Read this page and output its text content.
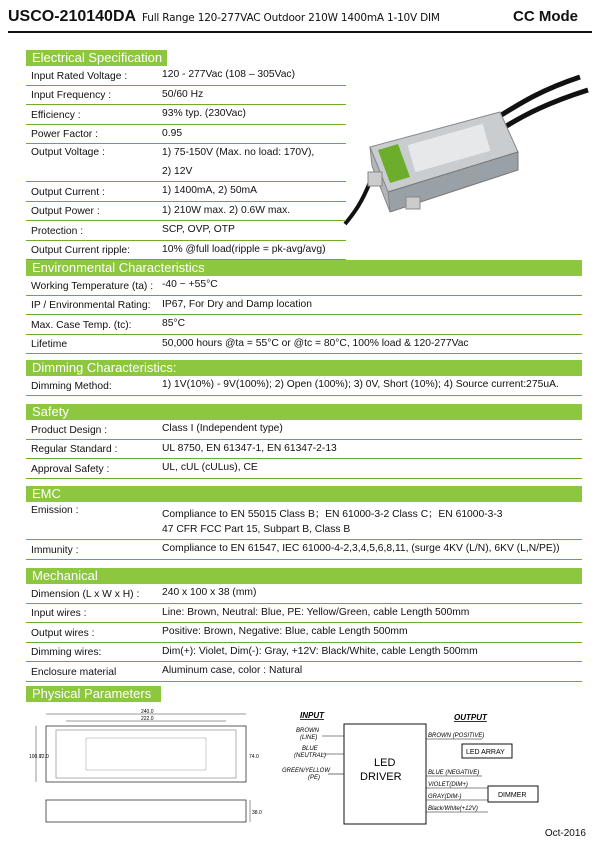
USCO-210140DA Full Range 120-277VAC Outdoor 210W 1400mA 1-10V DIM	CC Mode
Electrical Specification
Input Rated Voltage :	120 - 277Vac (108 – 305Vac)
Input Frequency :	50/60 Hz
Efficiency :	93% typ. (230Vac)
Power Factor :	0.95
Output Voltage :	1) 75-150V (Max. no load: 170V),
2) 12V
Output Current :	1) 1400mA, 2) 50mA
Output Power :	1) 210W max. 2) 0.6W max.
Protection :	SCP, OVP, OTP
Output Current ripple:	10% @full load(ripple = pk-avg/avg)
Environmental Characteristics
Working Temperature (ta) : -40 ~ +55°C
IP / Environmental Rating: IP67, For Dry and Damp location
Max. Case Temp. (tc):	85°C
Lifetime	50,000 hours @ta = 55°C or @tc = 80°C, 100% load & 120-277Vac
Dimming Characteristics:
Dimming Method:	1) 1V(10%) - 9V(100%); 2) Open (100%); 3) 0V, Short (10%); 4) Source current:275uA.
Safety
Product Design :	Class I (Independent type)
Regular Standard :	UL 8750, EN 61347-1, EN 61347-2-13
Approval Safety :	UL, cUL (cULus), CE
EMC
Emission :	Compliance to EN 55015 Class B；EN 61000-3-2 Class C；EN 61000-3-3
47 CFR FCC Part 15, Subpart B, Class B
Immunity :	Compliance to EN 61547, IEC 61000-4-2,3,4,5,6,8,11, (surge 4KV (L/N), 6KV (L,N/PE))
Mechanical
Dimension (L x W x H) : 240 x 100 x 38 (mm)
Input wires :	Line: Brown, Neutral: Blue, PE: Yellow/Green, cable Length 500mm
Output wires :	Positive: Brown, Negative: Blue, cable Length 500mm
Dimming wires:	Dim(+): Violet, Dim(-): Gray, +12V: Black/White, cable Length 500mm
Enclosure material	Aluminum case, color : Natural
Physical Parameters
240.0
222.0
100.0
72.0	74.0
38.0
INPUT	OUTPUT
LED
DRIVER
BROWN
(LINE)
BLUE
(NEUTRAL)
GREEN/YELLOW
(PE)
BROWN (POSITIVE)
LED ARRAY
BLUE (NEGATIVE)
VIOLET(DIM+)
GRAY(DIM-)	DIMMER
Black/White(+12V)
Oct-2016
